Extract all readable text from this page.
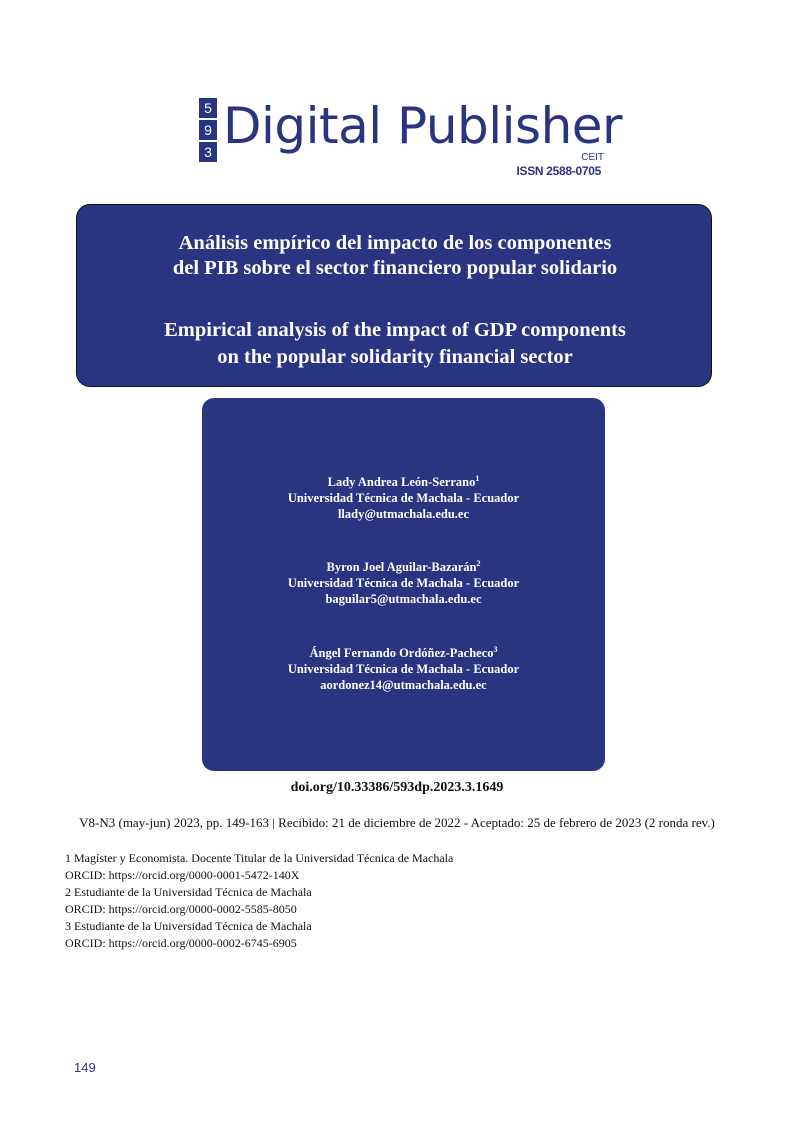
5
9
3 Digital Publisher
CEIT
ISSN 2588-0705
Análisis empírico del impacto de los componentes
del PIB sobre el sector financiero popular solidario
Empirical analysis of the impact of GDP components
on the popular solidarity financial sector
Lady Andrea León-Serrano$^1$
Universidad Técnica de Machala - Ecuador
llady@utmachala.edu.ec
Byron Joel Aguilar-Bazarán$^2$
Universidad Técnica de Machala - Ecuador
baguilar5@utmachala.edu.ec
Ángel Fernando Ordóñez-Pacheco$^3$
Universidad Técnica de Machala - Ecuador
aordonez14@utmachala.edu.ec
doi.org/10.33386/593dp.2023.3.1649
V8-N3 (may-jun) 2023, pp. 149-163 | Recibido: 21 de diciembre de 2022 - Aceptado: 25 de febrero de 2023 (2 ronda rev.)
1 Magíster y Economista. Docente Titular de la Universidad Técnica de Machala
ORCID: https://orcid.org/0000-0001-5472-140X
2 Estudiante de la Universidad Técnica de Machala
ORCID: https://orcid.org/0000-0002-5585-8050
3 Estudiante de la Universidad Técnica de Machala
ORCID: https://orcid.org/0000-0002-6745-6905
149
